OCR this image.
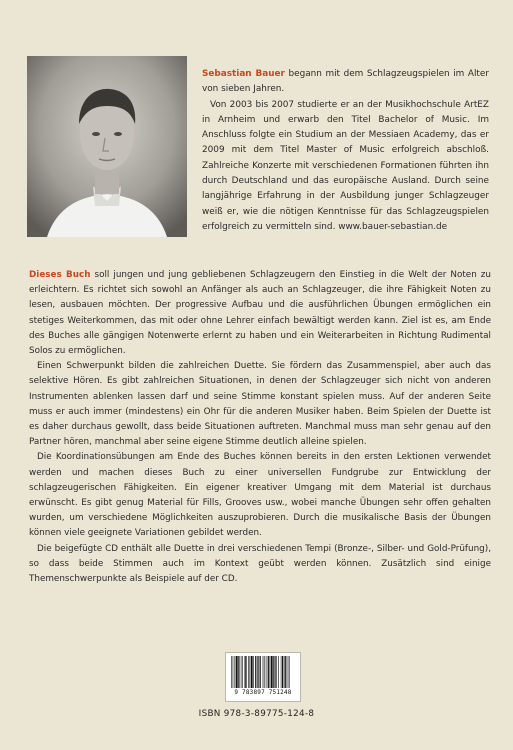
Sebastian Bauer begann mit dem Schlagzeugspielen im Alter von sieben Jahren.

Von 2003 bis 2007 studierte er an der Musikhochschule ArtEZ in Arnheim und erwarb den Titel Bachelor of Music. Im Anschluss folgte ein Studium an der Messiaen Academy, das er 2009 mit dem Titel Master of Music erfolgreich abschloß. Zahlreiche Konzerte mit verschiedenen Formationen führten ihn durch Deutschland und das europäische Ausland. Durch seine langjährige Erfahrung in der Ausbildung junger Schlagzeuger weiß er, wie die nötigen Kenntnisse für das Schlagzeugspielen erfolgreich zu vermitteln sind. www.bauer-sebastian.de

Dieses Buch soll jungen und jung gebliebenen Schlagzeugern den Einstieg in die Welt der Noten zu erleichtern. Es richtet sich sowohl an Anfänger als auch an Schlagzeuger, die ihre Fähigkeit Noten zu lesen, ausbauen möchten. Der progressive Aufbau und die ausführlichen Übungen ermöglichen ein stetiges Weiterkommen, das mit oder ohne Lehrer einfach bewältigt werden kann. Ziel ist es, am Ende des Buches alle gängigen Notenwerte erlernt zu haben und ein Weiterarbeiten in Richtung Rudimental Solos zu ermöglichen.

Einen Schwerpunkt bilden die zahlreichen Duette. Sie fördern das Zusammenspiel, aber auch das selektive Hören. Es gibt zahlreichen Situationen, in denen der Schlagzeuger sich nicht von anderen Instrumenten ablenken lassen darf und seine Stimme konstant spielen muss. Auf der anderen Seite muss er auch immer (mindestens) ein Ohr für die anderen Musiker haben. Beim Spielen der Duette ist es daher durchaus gewollt, dass beide Situationen auftreten. Manchmal muss man sehr genau auf den Partner hören, manchmal aber seine eigene Stimme deutlich alleine spielen.

Die Koordinationsübungen am Ende des Buches können bereits in den ersten Lektionen verwendet werden und machen dieses Buch zu einer universellen Fundgrube zur Entwicklung der schlagzeugerischen Fähigkeiten. Ein eigener kreativer Umgang mit dem Material ist durchaus erwünscht. Es gibt genug Material für Fills, Grooves usw., wobei manche Übungen sehr offen gehalten wurden, um verschiedene Möglichkeiten auszuprobieren. Durch die musikalische Basis der Übungen können viele geeignete Variationen gebildet werden.

Die beigefügte CD enthält alle Duette in drei verschiedenen Tempi (Bronze-, Silber- und Gold-Prüfung), so dass beide Stimmen auch im Kontext geübt werden können. Zusätzlich sind einige Themenschwerpunkte als Beispiele auf der CD.

9 783897 751248
ISBN 978-3-89775-124-8
